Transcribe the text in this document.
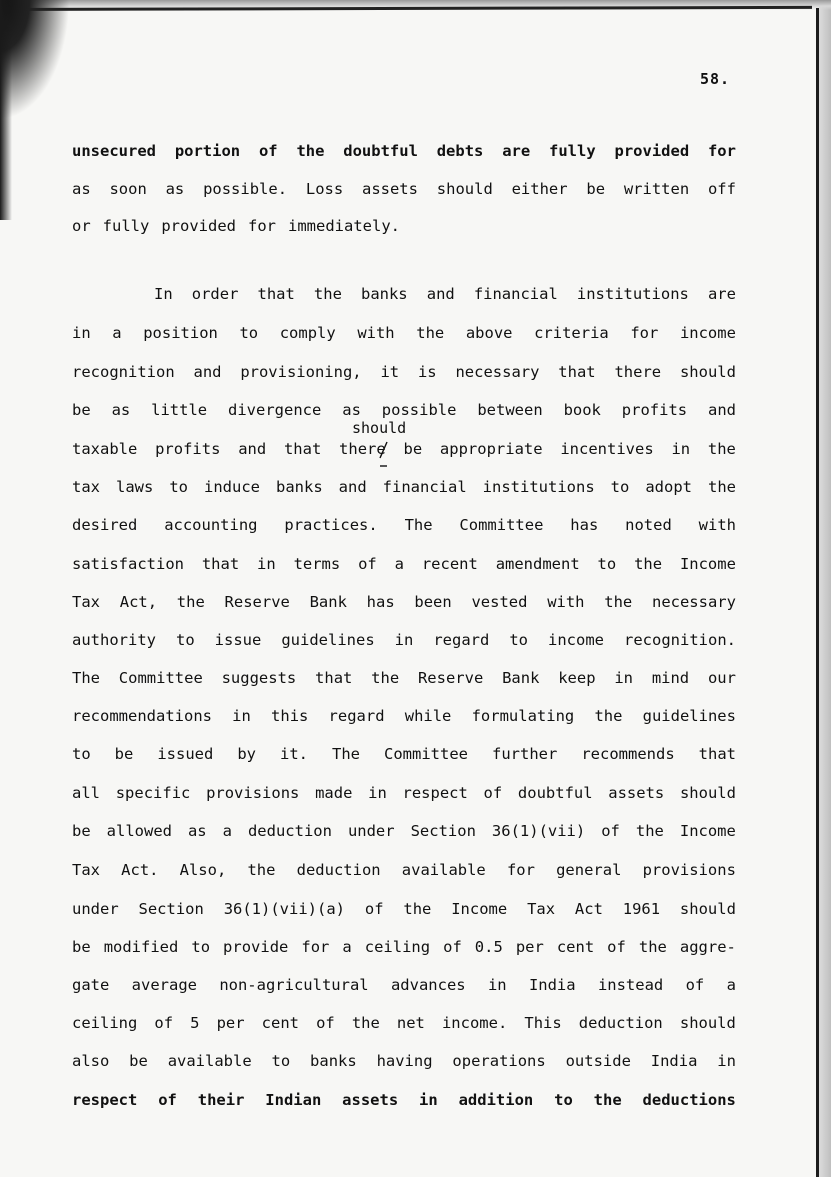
58.
unsecured portion of the doubtful debts are fully provided for
as soon as possible. Loss assets should either be written off
or fully provided for immediately.
In order that the banks and financial institutions are
in a position to comply with the above criteria for income
recognition and provisioning, it is necessary that there should
be as little divergence as possible between book profits and
taxable profits and that there be appropriate incentives in the
tax laws to induce banks and financial institutions to adopt the
desired accounting practices. The Committee has noted with
satisfaction that in terms of a recent amendment to the Income
Tax Act, the Reserve Bank has been vested with the necessary
authority to issue guidelines in regard to income recognition.
The Committee suggests that the Reserve Bank keep in mind our
recommendations in this regard while formulating the guidelines
to be issued by it. The Committee further recommends that
all specific provisions made in respect of doubtful assets should
be allowed as a deduction under Section 36(1)(vii) of the Income
Tax Act. Also, the deduction available for general provisions
under Section 36(1)(vii)(a) of the Income Tax Act 1961 should
be modified to provide for a ceiling of 0.5 per cent of the aggre-
gate average non-agricultural advances in India instead of a
ceiling of 5 per cent of the net income. This deduction should
also be available to banks having operations outside India in
respect of their Indian assets in addition to the deductions
should
